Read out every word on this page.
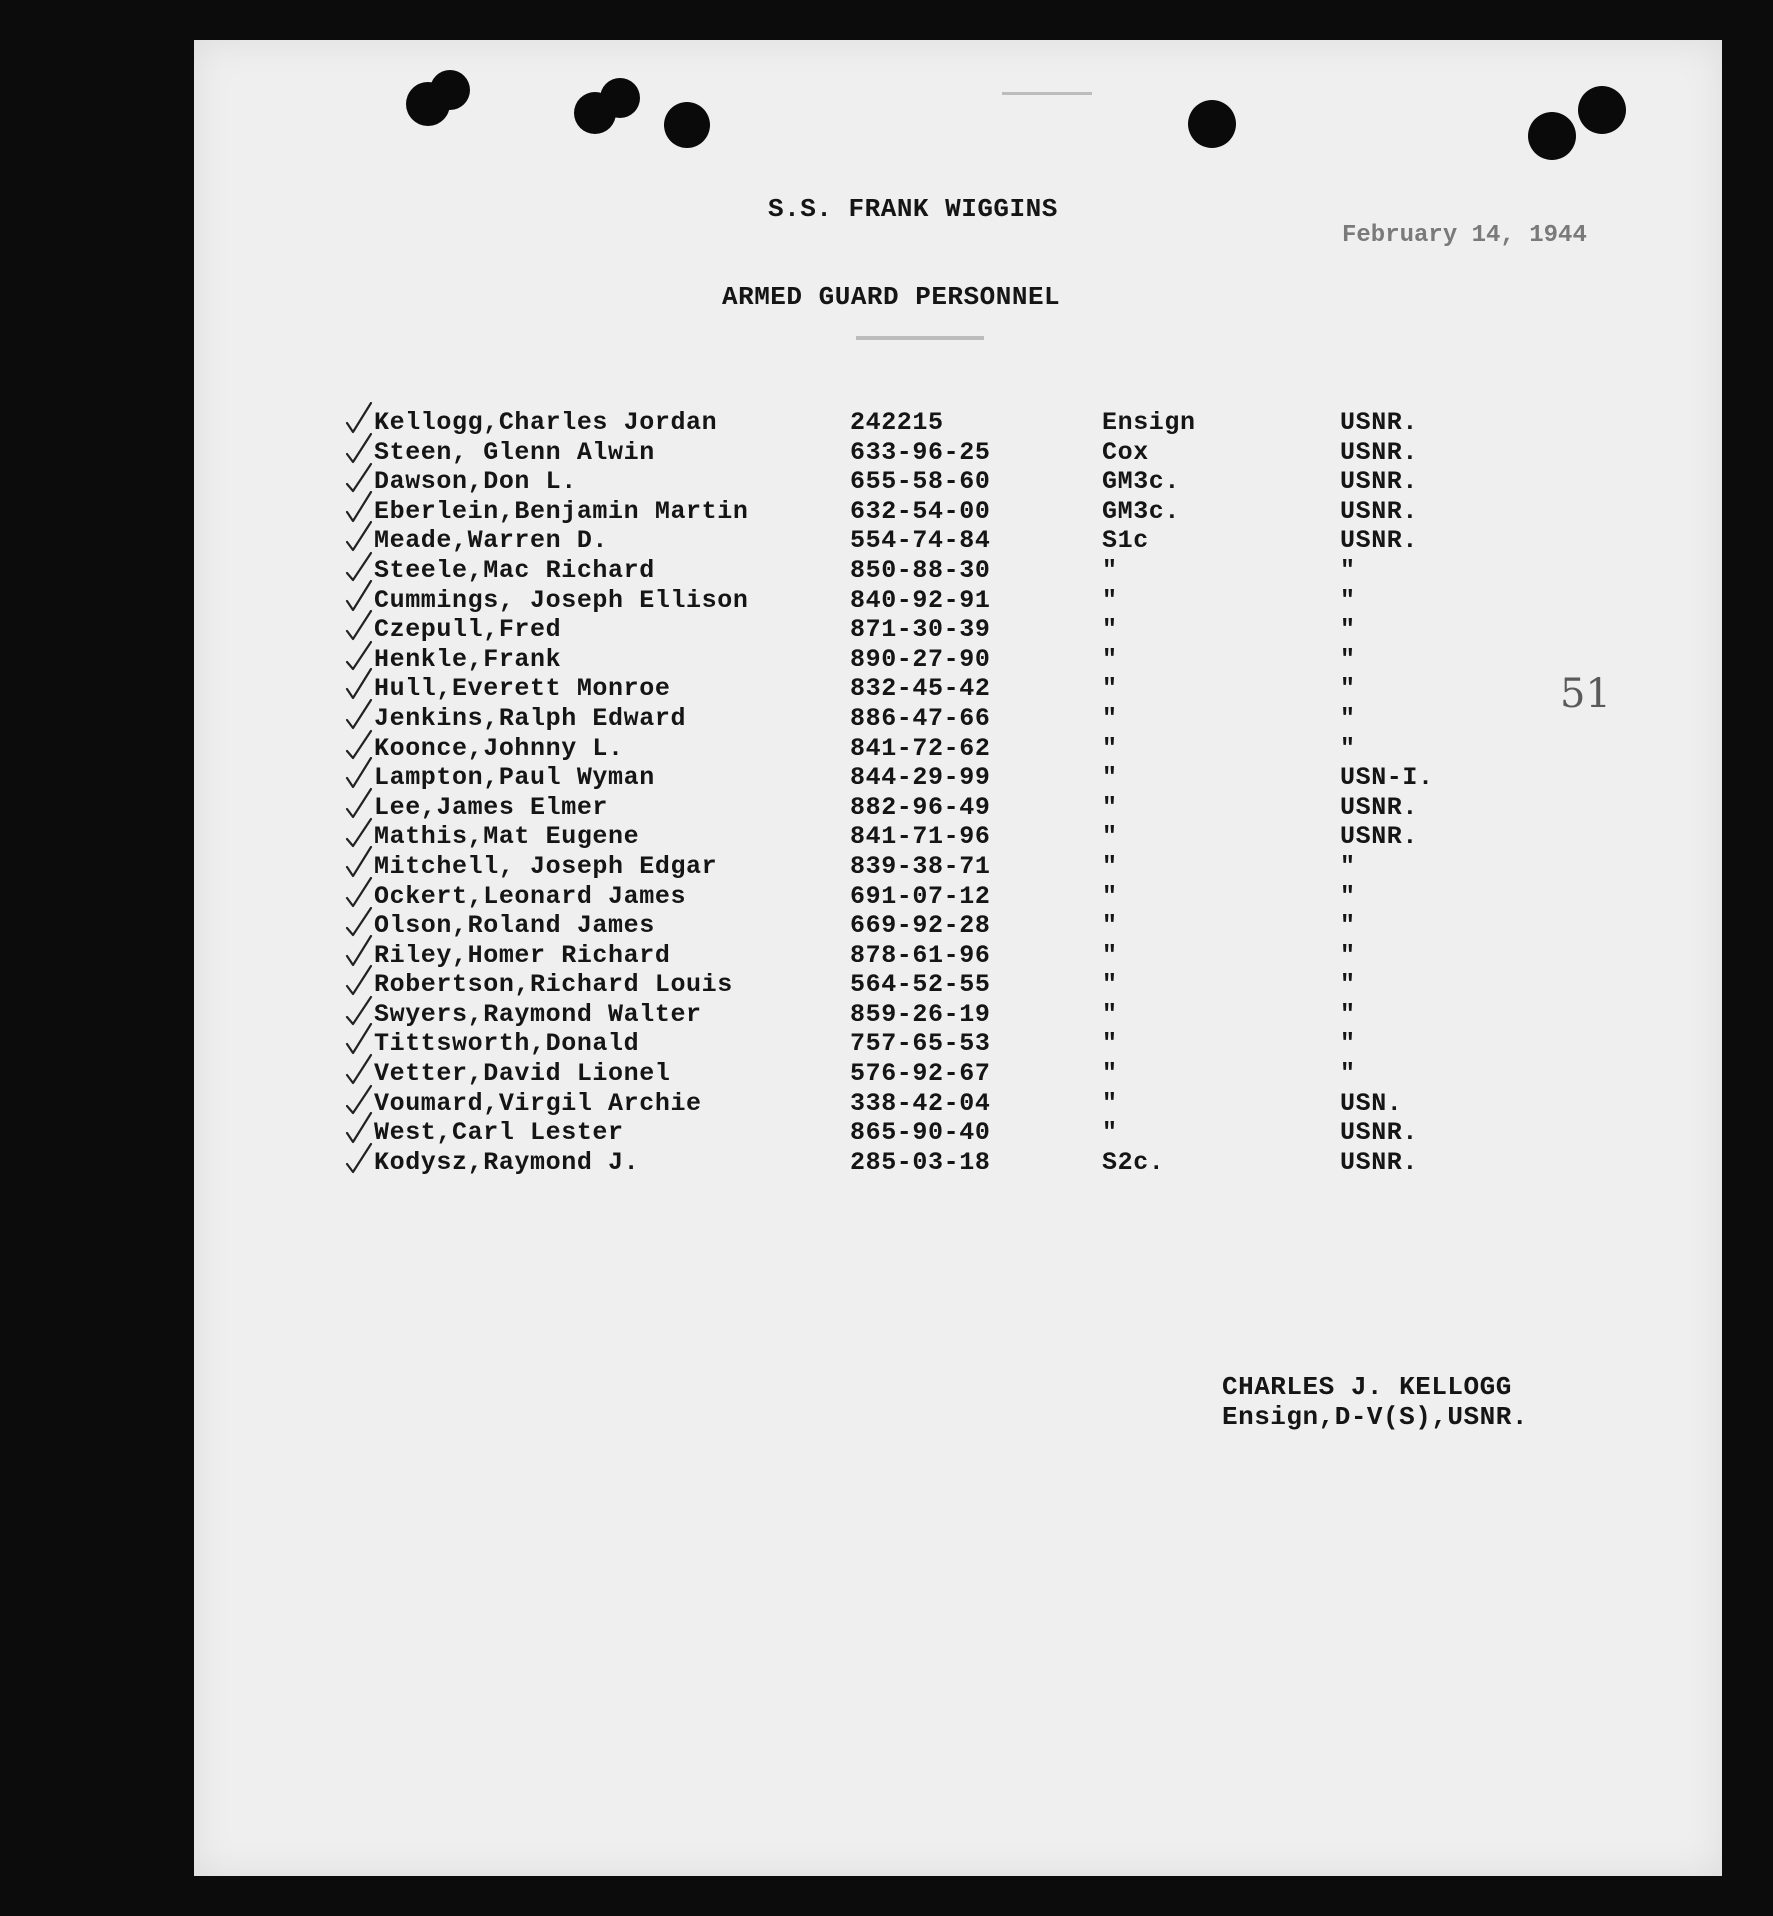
S.S. FRANK WIGGINS
February 14, 1944
ARMED GUARD PERSONNEL
51
Kellogg,Charles Jordan	242215	Ensign	USNR.
Steen, Glenn Alwin	633-96-25	Cox	USNR.
Dawson,Don L.	655-58-60	GM3c.	USNR.
Eberlein,Benjamin Martin	632-54-00	GM3c.	USNR.
Meade,Warren D.	554-74-84	S1c	USNR.
Steele,Mac Richard	850-88-30	"	"
Cummings, Joseph Ellison	840-92-91	"	"
Czepull,Fred	871-30-39	"	"
Henkle,Frank	890-27-90	"	"
Hull,Everett Monroe	832-45-42	"	"
Jenkins,Ralph Edward	886-47-66	"	"
Koonce,Johnny L.	841-72-62	"	"
Lampton,Paul Wyman	844-29-99	"	USN-I.
Lee,James Elmer	882-96-49	"	USNR.
Mathis,Mat Eugene	841-71-96	"	USNR.
Mitchell, Joseph Edgar	839-38-71	"	"
Ockert,Leonard James	691-07-12	"	"
Olson,Roland James	669-92-28	"	"
Riley,Homer Richard	878-61-96	"	"
Robertson,Richard Louis	564-52-55	"	"
Swyers,Raymond Walter	859-26-19	"	"
Tittsworth,Donald	757-65-53	"	"
Vetter,David Lionel	576-92-67	"	"
Voumard,Virgil Archie	338-42-04	"	USN.
West,Carl Lester	865-90-40	"	USNR.
Kodysz,Raymond J.	285-03-18	S2c.	USNR.
CHARLES J. KELLOGG
Ensign,D-V(S),USNR.
